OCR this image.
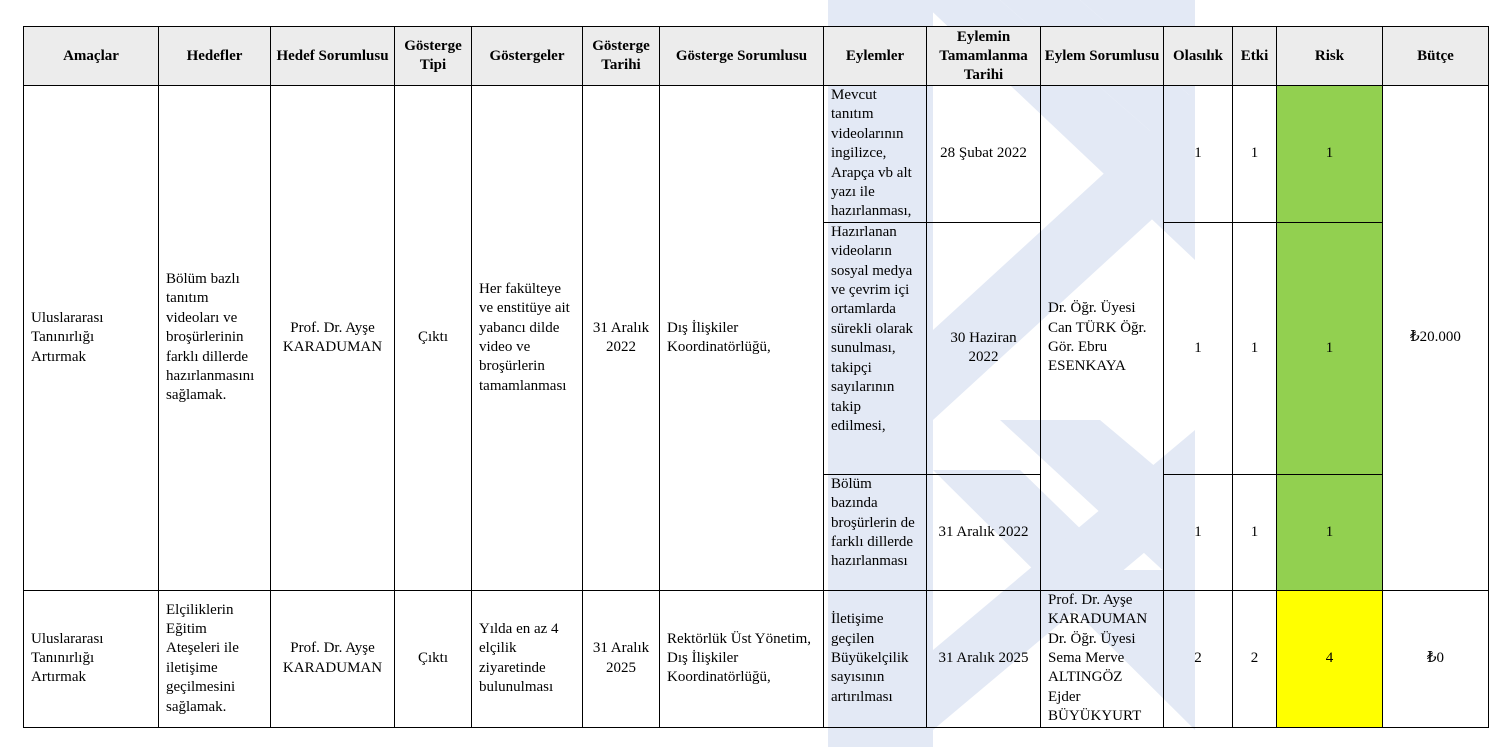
Amaçlar	Hedefler	Hedef Sorumlusu	Gösterge Tipi	Göstergeler	Gösterge Tarihi	Gösterge Sorumlusu	Eylemler	Eylemin Tamamlanma Tarihi	Eylem Sorumlusu	Olasılık	Etki	Risk	Bütçe
Uluslararası Tanınırlığı Artırmak	Bölüm bazlı tanıtım videoları ve broşürlerinin farklı dillerde hazırlanmasını sağlamak.	Prof. Dr. Ayşe KARADUMAN	Çıktı	Her fakülteye ve enstitüye ait yabancı dilde video ve broşürlerin tamamlanması	31 Aralık 2022	Dış İlişkiler Koordinatörlüğü,	Mevcut tanıtım videolarının ingilizce, Arapça vb alt yazı ile hazırlanması,	28 Şubat 2022	Dr. Öğr. Üyesi Can TÜRK Öğr. Gör. Ebru ESENKAYA	1	1	1	₺20.000
							Hazırlanan videoların sosyal medya ve çevrim içi ortamlarda sürekli olarak sunulması, takipçi sayılarının takip edilmesi,	30 Haziran 2022		1	1	1	
							Bölüm bazında broşürlerin de farklı dillerde hazırlanması	31 Aralık 2022		1	1	1	
Uluslararası Tanınırlığı Artırmak	Elçiliklerin Eğitim Ateşeleri ile iletişime geçilmesini sağlamak.	Prof. Dr. Ayşe KARADUMAN	Çıktı	Yılda en az 4 elçilik ziyaretinde bulunulması	31 Aralık 2025	Rektörlük Üst Yönetim, Dış İlişkiler Koordinatörlüğü,	İletişime geçilen Büyükelçilik sayısının artırılması	31 Aralık 2025	Prof. Dr. Ayşe KARADUMAN Dr. Öğr. Üyesi Sema Merve ALTINGÖZ Ejder BÜYÜKYURT	2	2	4	₺0
